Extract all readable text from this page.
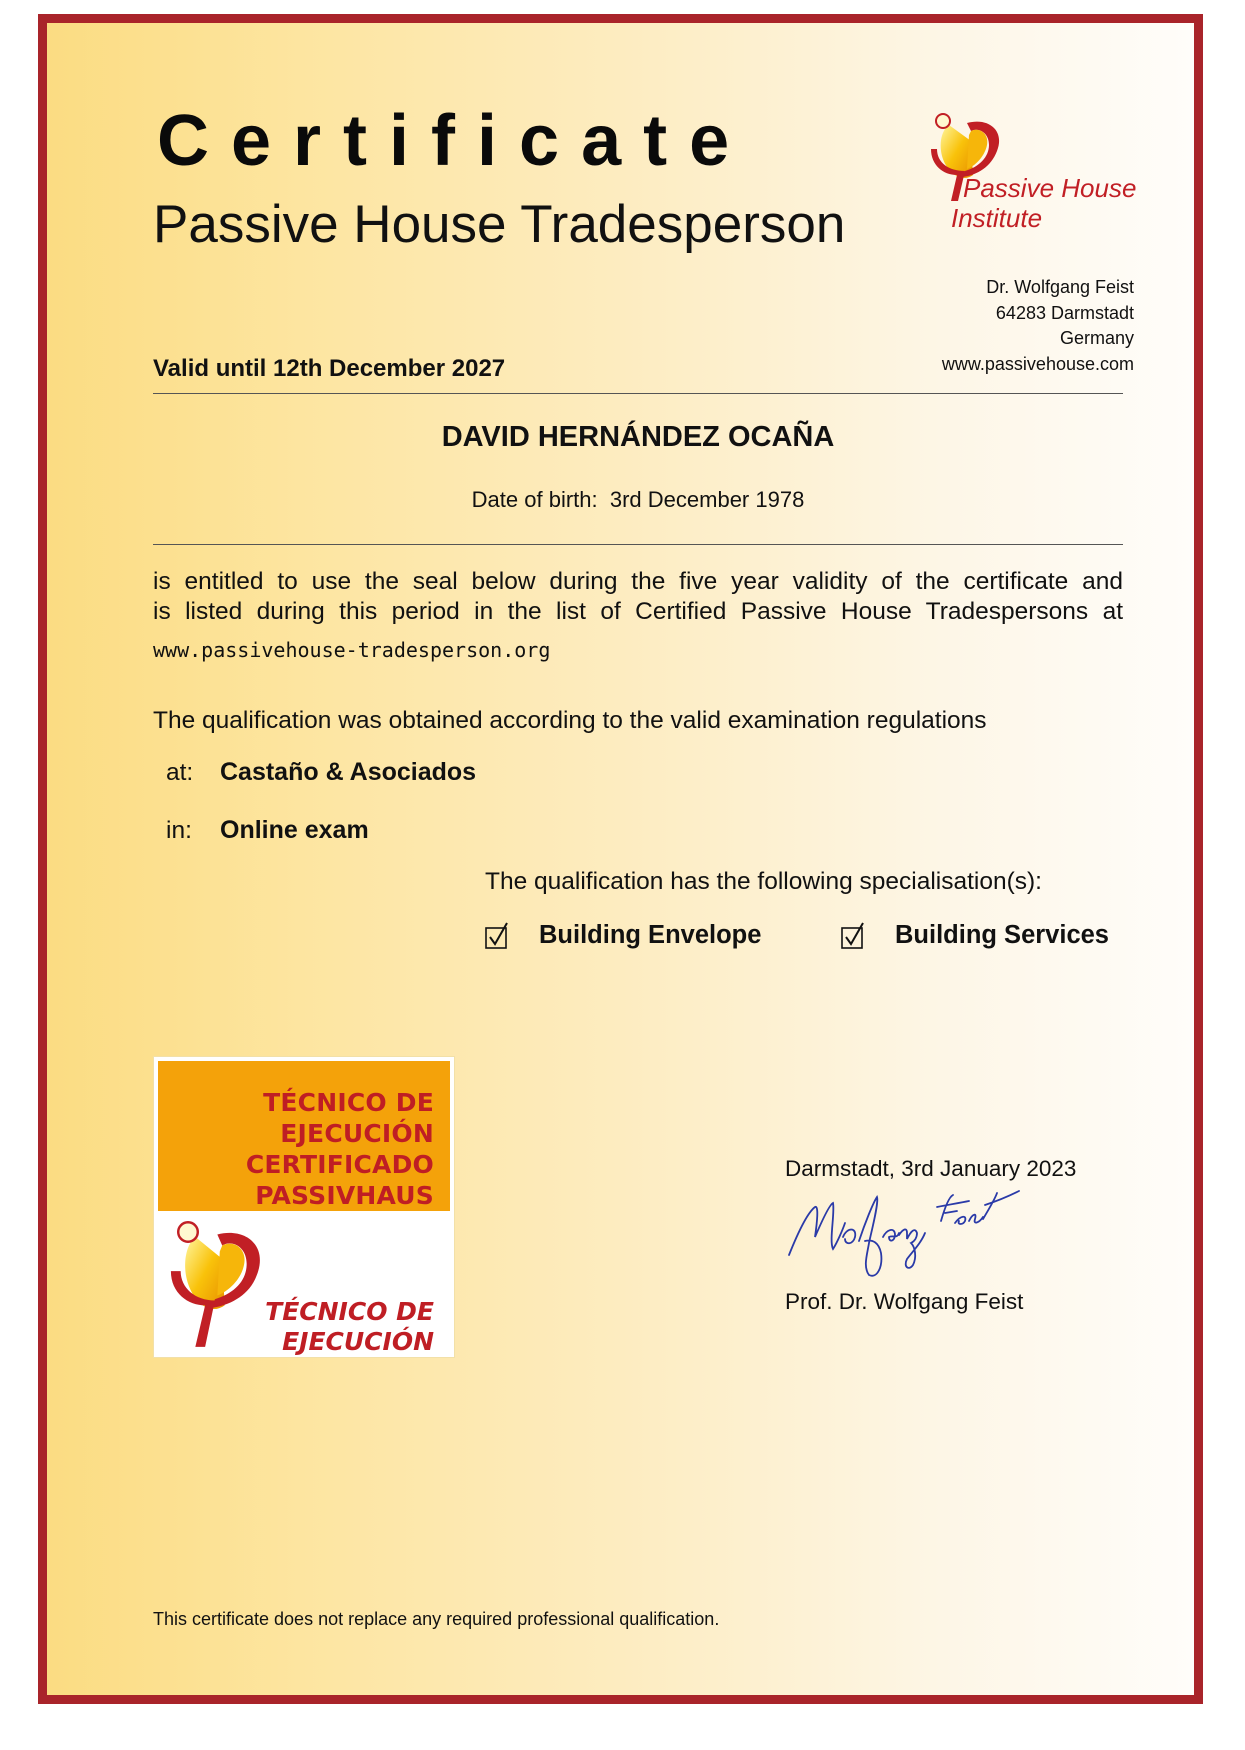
Certificate
Passive House Tradesperson
Passive House
Institute
Dr. Wolfgang Feist
64283 Darmstadt
Germany
www.passivehouse.com
Valid until 12th December 2027
DAVID HERNÁNDEZ OCAÑA
Date of birth: 3rd December 1978
is entitled to use the seal below during the five year validity of the certificate and
is listed during this period in the list of Certified Passive House Tradespersons at
www.passivehouse-tradesperson.org
The qualification was obtained according to the valid examination regulations
at: Castaño & Asociados
in: Online exam
The qualification has the following specialisation(s):
Building Envelope	Building Services
TÉCNICO DE EJECUCIÓN
CERTIFICADO
PASSIVHAUS
TÉCNICO DE
EJECUCIÓN
Darmstadt, 3rd January 2023
Prof. Dr. Wolfgang Feist
This certificate does not replace any required professional qualification.
